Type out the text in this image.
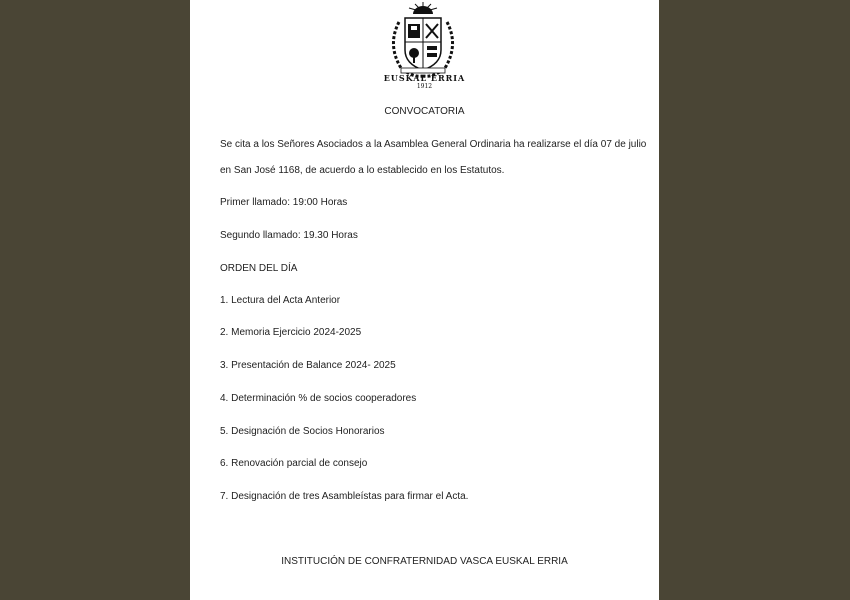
EUSKAL ERRIA
1912
CONVOCATORIA
Se cita a los Señores Asociados a la Asamblea General Ordinaria ha realizarse el día 07 de julio
en San José 1168, de acuerdo a lo establecido en los Estatutos.
Primer llamado: 19:00 Horas
Segundo llamado: 19.30 Horas
ORDEN DEL DÍA
1. Lectura del Acta Anterior
2. Memoria Ejercicio 2024-2025
3. Presentación de Balance 2024- 2025
4. Determinación % de socios cooperadores
5. Designación de Socios Honorarios
6. Renovación parcial de consejo
7. Designación de tres Asambleístas para firmar el Acta.
INSTITUCIÓN DE CONFRATERNIDAD VASCA EUSKAL ERRIA
